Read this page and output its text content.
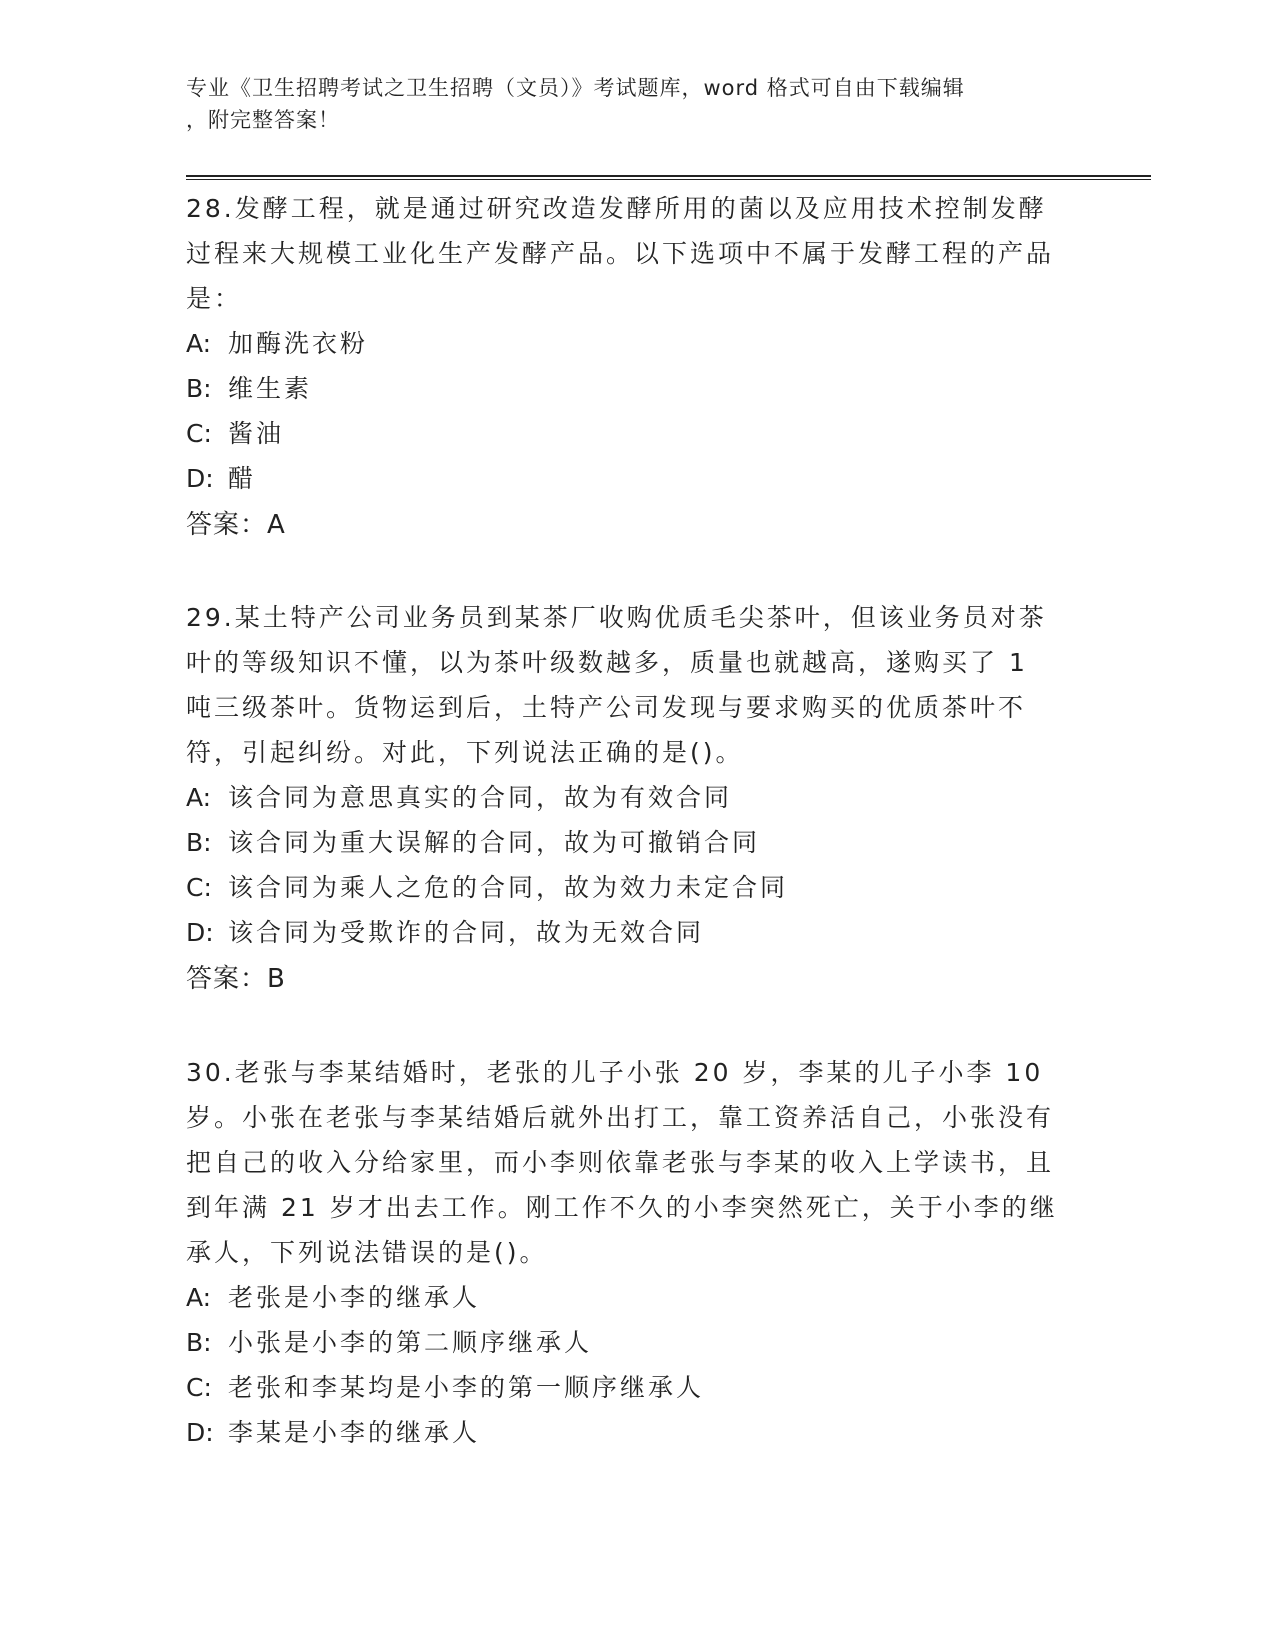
专业《卫生招聘考试之卫生招聘（文员）》考试题库，word 格式可自由下载编辑
，附完整答案！

28.发酵工程，就是通过研究改造发酵所用的菌以及应用技术控制发酵过程来大规模工业化生产发酵产品。以下选项中不属于发酵工程的产品是：

A: 加酶洗衣粉

B: 维生素

C: 酱油

D: 醋

答案：A

29.某土特产公司业务员到某茶厂收购优质毛尖茶叶，但该业务员对茶叶的等级知识不懂，以为茶叶级数越多，质量也就越高，遂购买了 1 吨三级茶叶。货物运到后，土特产公司发现与要求购买的优质茶叶不符，引起纠纷。对此，下列说法正确的是()。

A: 该合同为意思真实的合同，故为有效合同

B: 该合同为重大误解的合同，故为可撤销合同

C: 该合同为乘人之危的合同，故为效力未定合同

D: 该合同为受欺诈的合同，故为无效合同

答案：B

30.老张与李某结婚时，老张的儿子小张 20 岁，李某的儿子小李 10 岁。小张在老张与李某结婚后就外出打工，靠工资养活自己，小张没有把自己的收入分给家里，而小李则依靠老张与李某的收入上学读书，且到年满 21 岁才出去工作。刚工作不久的小李突然死亡，关于小李的继承人，下列说法错误的是()。

A: 老张是小李的继承人

B: 小张是小李的第二顺序继承人

C: 老张和李某均是小李的第一顺序继承人

D: 李某是小李的继承人
